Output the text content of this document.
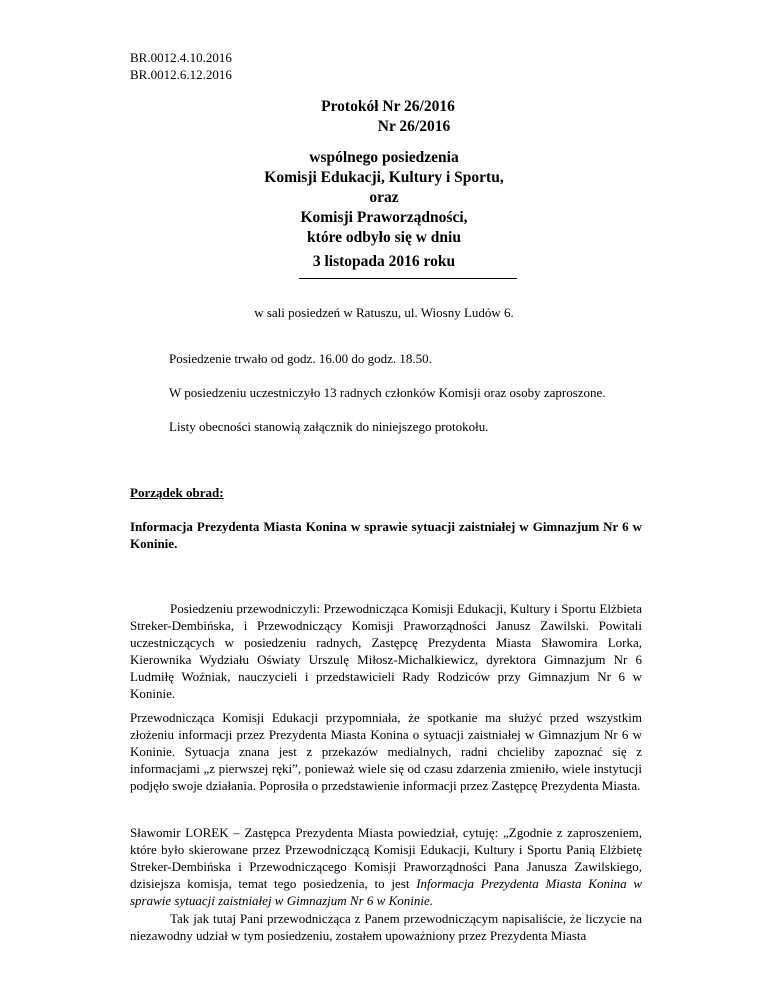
BR.0012.4.10.2016
BR.0012.6.12.2016
Protokół Nr 26/2016
Nr 26/2016
wspólnego posiedzenia
Komisji Edukacji, Kultury i Sportu,
oraz
Komisji Praworządności,
które odbyło się w dniu
3 listopada 2016 roku
w sali posiedzeń w Ratuszu, ul. Wiosny Ludów 6.
Posiedzenie trwało od godz. 16.00 do godz. 18.50.
W posiedzeniu uczestniczyło 13 radnych członków Komisji oraz osoby zaproszone.
Listy obecności stanowią załącznik do niniejszego protokołu.
Porządek obrad:
Informacja Prezydenta Miasta Konina w sprawie sytuacji zaistniałej w Gimnazjum Nr 6 w Koninie.
Posiedzeniu przewodniczyli: Przewodnicząca Komisji Edukacji, Kultury i Sportu Elżbieta Streker-Dembińska, i Przewodniczący Komisji Praworządności Janusz Zawilski. Powitali uczestniczących w posiedzeniu radnych, Zastępcę Prezydenta Miasta Sławomira Lorka, Kierownika Wydziału Oświaty Urszulę Miłosz-Michalkiewicz, dyrektora Gimnazjum Nr 6 Ludmiłę Woźniak, nauczycieli i przedstawicieli Rady Rodziców przy Gimnazjum Nr 6 w Koninie.
Przewodnicząca Komisji Edukacji przypomniała, że spotkanie ma służyć przed wszystkim złożeniu informacji przez Prezydenta Miasta Konina o sytuacji zaistniałej w Gimnazjum Nr 6 w Koninie. Sytuacja znana jest z przekazów medialnych, radni chcieliby zapoznać się z informacjami „z pierwszej ręki”, ponieważ wiele się od czasu zdarzenia zmieniło, wiele instytucji podjęło swoje działania. Poprosiła o przedstawienie informacji przez Zastępcę Prezydenta Miasta.
Sławomir LOREK – Zastępca Prezydenta Miasta powiedział, cytuję: „Zgodnie z zaproszeniem, które było skierowane przez Przewodniczącą Komisji Edukacji, Kultury i Sportu Panią Elżbietę Streker-Dembińska i Przewodniczącego Komisji Praworządności Pana Janusza Zawilskiego, dzisiejsza komisja, temat tego posiedzenia, to jest Informacja Prezydenta Miasta Konina w sprawie sytuacji zaistniałej w Gimnazjum Nr 6 w Koninie.
Tak jak tutaj Pani przewodnicząca z Panem przewodniczącym napisaliście, że liczycie na niezawodny udział w tym posiedzeniu, zostałem upoważniony przez Prezydenta Miasta
